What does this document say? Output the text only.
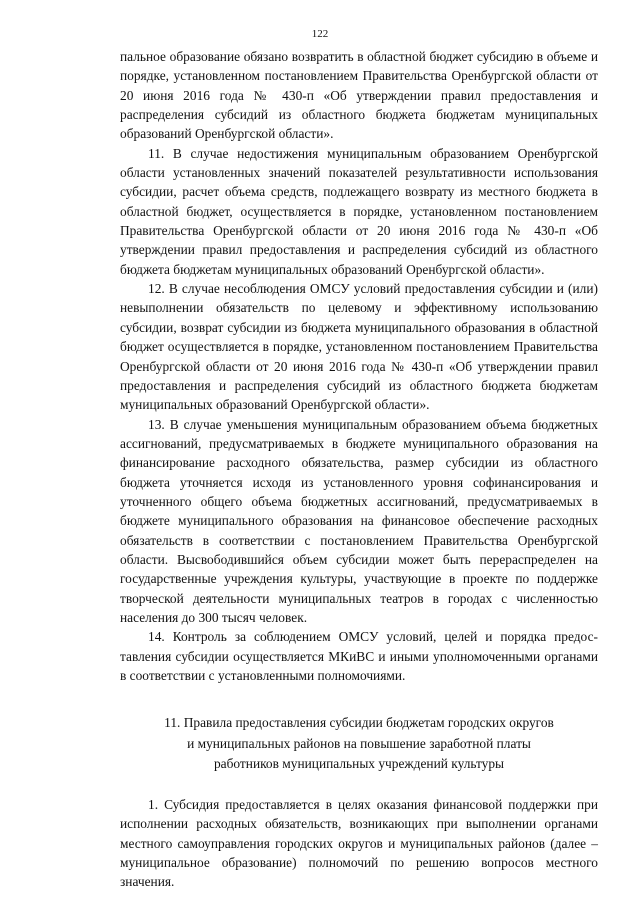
122

пальное образование обязано возвратить в областной бюджет субсидию в объеме и порядке, установленном постановлением Правительства Оренбургской области от 20 июня 2016 года № 430-п «Об утверждении правил предоставления и распределения субсидий из областного бюджета бюджетам муниципальных образований Оренбургской области».

11. В случае недостижения муниципальным образованием Оренбургской области установленных значений показателей результативности использования субсидии, расчет объема средств, подлежащего возврату из местного бюджета в областной бюджет, осуществляется в порядке, установленном постановлением Правительства Оренбургской области от 20 июня 2016 года № 430-п «Об утверждении правил предоставления и распределения субсидий из областного бюджета бюджетам муниципальных образований Оренбургской области».

12. В случае несоблюдения ОМСУ условий предоставления субсидии и (или) невыполнении обязательств по целевому и эффективному использованию субсидии, возврат субсидии из бюджета муниципального образования в областной бюджет осуществляется в порядке, установленном постановлением Правительства Оренбургской области от 20 июня 2016 года № 430-п «Об утверждении правил предоставления и распределения субсидий из областного бюджета бюджетам муниципальных образований Оренбургской области».

13. В случае уменьшения муниципальным образованием объема бюджетных ассигнований, предусматриваемых в бюджете муниципального образования на финансирование расходного обязательства, размер субсидии из областного бюджета уточняется исходя из установленного уровня софинансирования и уточненного общего объема бюджетных ассигнований, предусматриваемых в бюджете муниципального образования на финансовое обеспечение расходных обязательств в соответствии с постановлением Правительства Оренбургской области. Высвободившийся объем субсидии может быть перераспределен на государственные учреждения культуры, участвующие в проекте по поддержке творческой деятельности муниципальных театров в городах с численностью населения до 300 тысяч человек.

14. Контроль за соблюдением ОМСУ условий, целей и порядка предоставления субсидии осуществляется МКиВС и иными уполномоченными органами в соответствии с установленными полномочиями.

11. Правила предоставления субсидии бюджетам городских округов
и муниципальных районов на повышение заработной платы
работников муниципальных учреждений культуры

1. Субсидия предоставляется в целях оказания финансовой поддержки при исполнении расходных обязательств, возникающих при выполнении органами местного самоуправления городских округов и муниципальных районов (далее – муниципальное образование) полномочий по решению вопросов местного значения.
